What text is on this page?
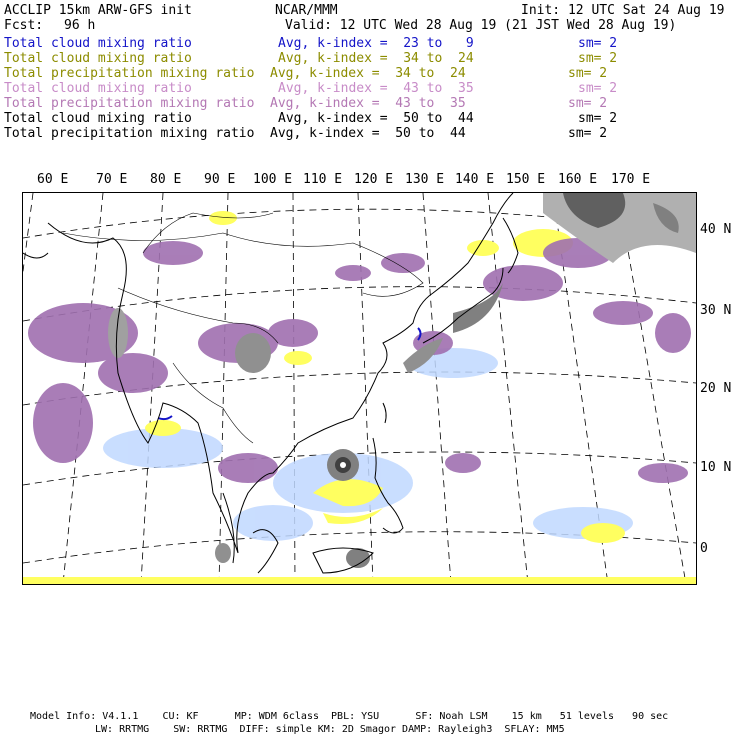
ACCLIP 15km ARW-GFS init	NCAR/MMM	Init: 12 UTC Sat 24 Aug 19
Fcst: 96 h	Valid: 12 UTC Wed 28 Aug 19 (21 JST Wed 28 Aug 19)
Total cloud mixing ratio	Avg, k-index =  23 to   9	sm= 2
Total cloud mixing ratio	Avg, k-index =  34 to  24	sm= 2
Total precipitation mixing ratio Avg, k-index =  34 to  24	sm= 2
Total cloud mixing ratio	Avg, k-index =  43 to  35	sm= 2
Total precipitation mixing ratio Avg, k-index =  43 to  35	sm= 2
Total cloud mixing ratio	Avg, k-index =  50 to  44	sm= 2
Total precipitation mixing ratio Avg, k-index =  50 to  44	sm= 2
60 E 70 E 80 E 90 E 100 E 110 E 120 E 130 E 140 E 150 E 160 E 170 E
40 N
30 N
20 N
10 N
0
Model Info: V4.1.1    CU: KF      MP: WDM 6class  PBL: YSU      SF: Noah LSM    15 km   51 levels   90 sec
LW: RRTMG    SW: RRTMG  DIFF: simple KM: 2D Smagor DAMP: Rayleigh3  SFLAY: MM5
